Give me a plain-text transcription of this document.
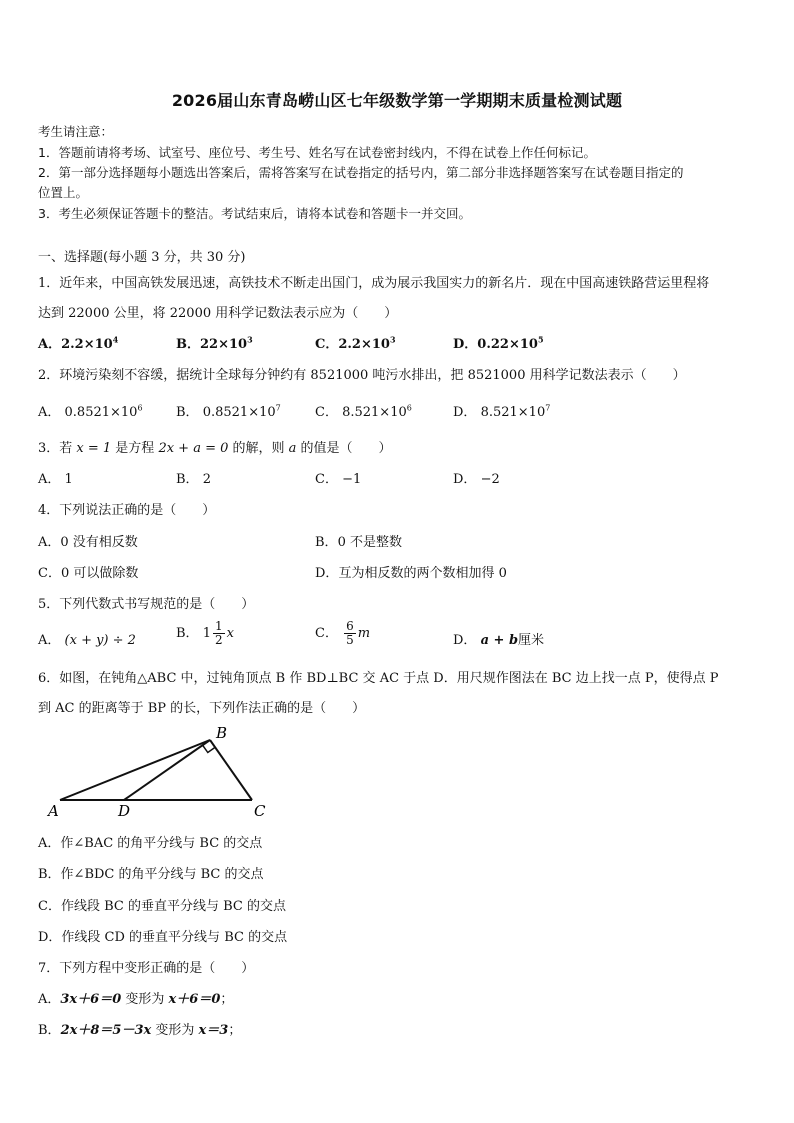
2026届山东青岛崂山区七年级数学第一学期期末质量检测试题
考生请注意：
1．答题前请将考场、试室号、座位号、考生号、姓名写在试卷密封线内，不得在试卷上作任何标记。
2．第一部分选择题每小题选出答案后，需将答案写在试卷指定的括号内，第二部分非选择题答案写在试卷题目指定的
位置上。
3．考生必须保证答题卡的整洁。考试结束后，请将本试卷和答题卡一并交回。
一、选择题(每小题 3 分，共 30 分)
1．近年来，中国高铁发展迅速，高铁技术不断走出国门，成为展示我国实力的新名片．现在中国高速铁路营运里程将
达到 22000 公里，将 22000 用科学记数法表示应为（　　）
A．$2.2\times 10^4$	B．$22\times 10^3$	C．$2.2\times 10^3$	D．$0.22\times 10^5$
2．环境污染刻不容缓，据统计全球每分钟约有 8521000 吨污水排出，把 8521000 用科学记数法表示（　　）
A． $0.8521\times 10^6$	B． $0.8521\times 10^7$	C． $8.521\times 10^6$	D． $8.521\times 10^7$
3．若 x = 1 是方程 2x + a = 0 的解，则 a 的值是（　　）
A． 1	B． 2	C． −1	D． −2
4．下列说法正确的是（　　）
A．0 没有相反数	B．0 不是整数
C．0 可以做除数	D．互为相反数的两个数相加得 0
5．下列代数式书写规范的是（　　）
A． (x + y) ÷ 2	B． $1 \frac{1}{2}$ x	C． $\frac{6}{5}$ m	D． a + b厘米
6．如图，在钝角△ABC 中，过钝角顶点 B 作 BD⊥BC 交 AC 于点 D．用尺规作图法在 BC 边上找一点 P，使得点 P
到 AC 的距离等于 BP 的长，下列作法正确的是（　　）
A
B
C
D
A．作∠BAC 的角平分线与 BC 的交点
B．作∠BDC 的角平分线与 BC 的交点
C．作线段 BC 的垂直平分线与 BC 的交点
D．作线段 CD 的垂直平分线与 BC 的交点
7．下列方程中变形正确的是（　　）
A．3x＋6＝0 变形为 x＋6＝0；
B．2x＋8＝5－3x 变形为 x＝3；
